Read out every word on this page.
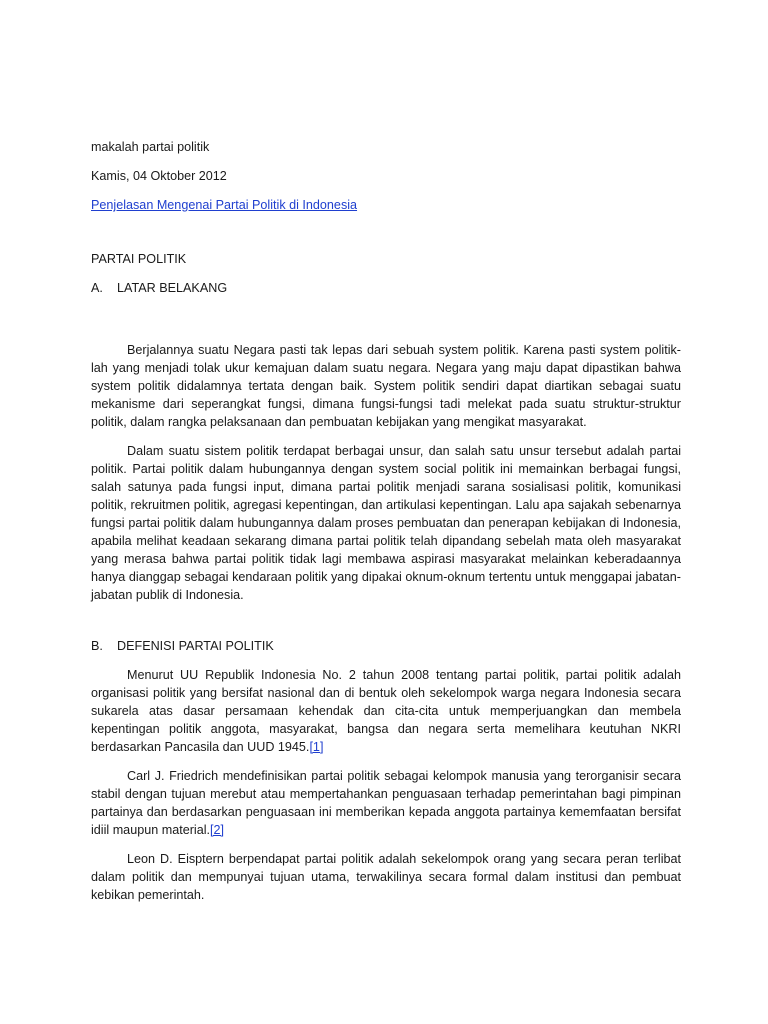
makalah partai politik

Kamis, 04 Oktober 2012

Penjelasan Mengenai Partai Politik di Indonesia

PARTAI POLITIK

A. LATAR BELAKANG

Berjalannya suatu Negara pasti tak lepas dari sebuah system politik. Karena pasti system politik-lah yang menjadi tolak ukur kemajuan dalam suatu negara. Negara yang maju dapat dipastikan bahwa system politik didalamnya tertata dengan baik. System politik sendiri dapat diartikan sebagai suatu mekanisme dari seperangkat fungsi, dimana fungsi-fungsi tadi melekat pada suatu struktur-struktur politik, dalam rangka pelaksanaan dan pembuatan kebijakan yang mengikat masyarakat.

Dalam suatu sistem politik terdapat berbagai unsur, dan salah satu unsur tersebut adalah partai politik. Partai politik dalam hubungannya dengan system social politik ini memainkan berbagai fungsi, salah satunya pada fungsi input, dimana partai politik menjadi sarana sosialisasi politik, komunikasi politik, rekruitmen politik, agregasi kepentingan, dan artikulasi kepentingan. Lalu apa sajakah sebenarnya fungsi partai politik dalam hubungannya dalam proses pembuatan dan penerapan kebijakan di Indonesia, apabila melihat keadaan sekarang dimana partai politik telah dipandang sebelah mata oleh masyarakat yang merasa bahwa partai politik tidak lagi membawa aspirasi masyarakat melainkan keberadaannya hanya dianggap sebagai kendaraan politik yang dipakai oknum-oknum tertentu untuk menggapai jabatan-jabatan publik di Indonesia.

B. DEFENISI PARTAI POLITIK

Menurut UU Republik Indonesia No. 2 tahun 2008 tentang partai politik, partai politik adalah organisasi politik yang bersifat nasional dan di bentuk oleh sekelompok warga negara Indonesia secara sukarela atas dasar persamaan kehendak dan cita-cita untuk memperjuangkan dan membela kepentingan politik anggota, masyarakat, bangsa dan negara serta memelihara keutuhan NKRI berdasarkan Pancasila dan UUD 1945.[1]

Carl J. Friedrich mendefinisikan partai politik sebagai kelompok manusia yang terorganisir secara stabil dengan tujuan merebut atau mempertahankan penguasaan terhadap pemerintahan bagi pimpinan partainya dan berdasarkan penguasaan ini memberikan kepada anggota partainya kememfaatan bersifat idiil maupun material.[2]

Leon D. Eisptern berpendapat partai politik adalah sekelompok orang yang secara peran terlibat dalam politik dan mempunyai tujuan utama, terwakilinya secara formal dalam institusi dan pembuat kebikan pemerintah.
